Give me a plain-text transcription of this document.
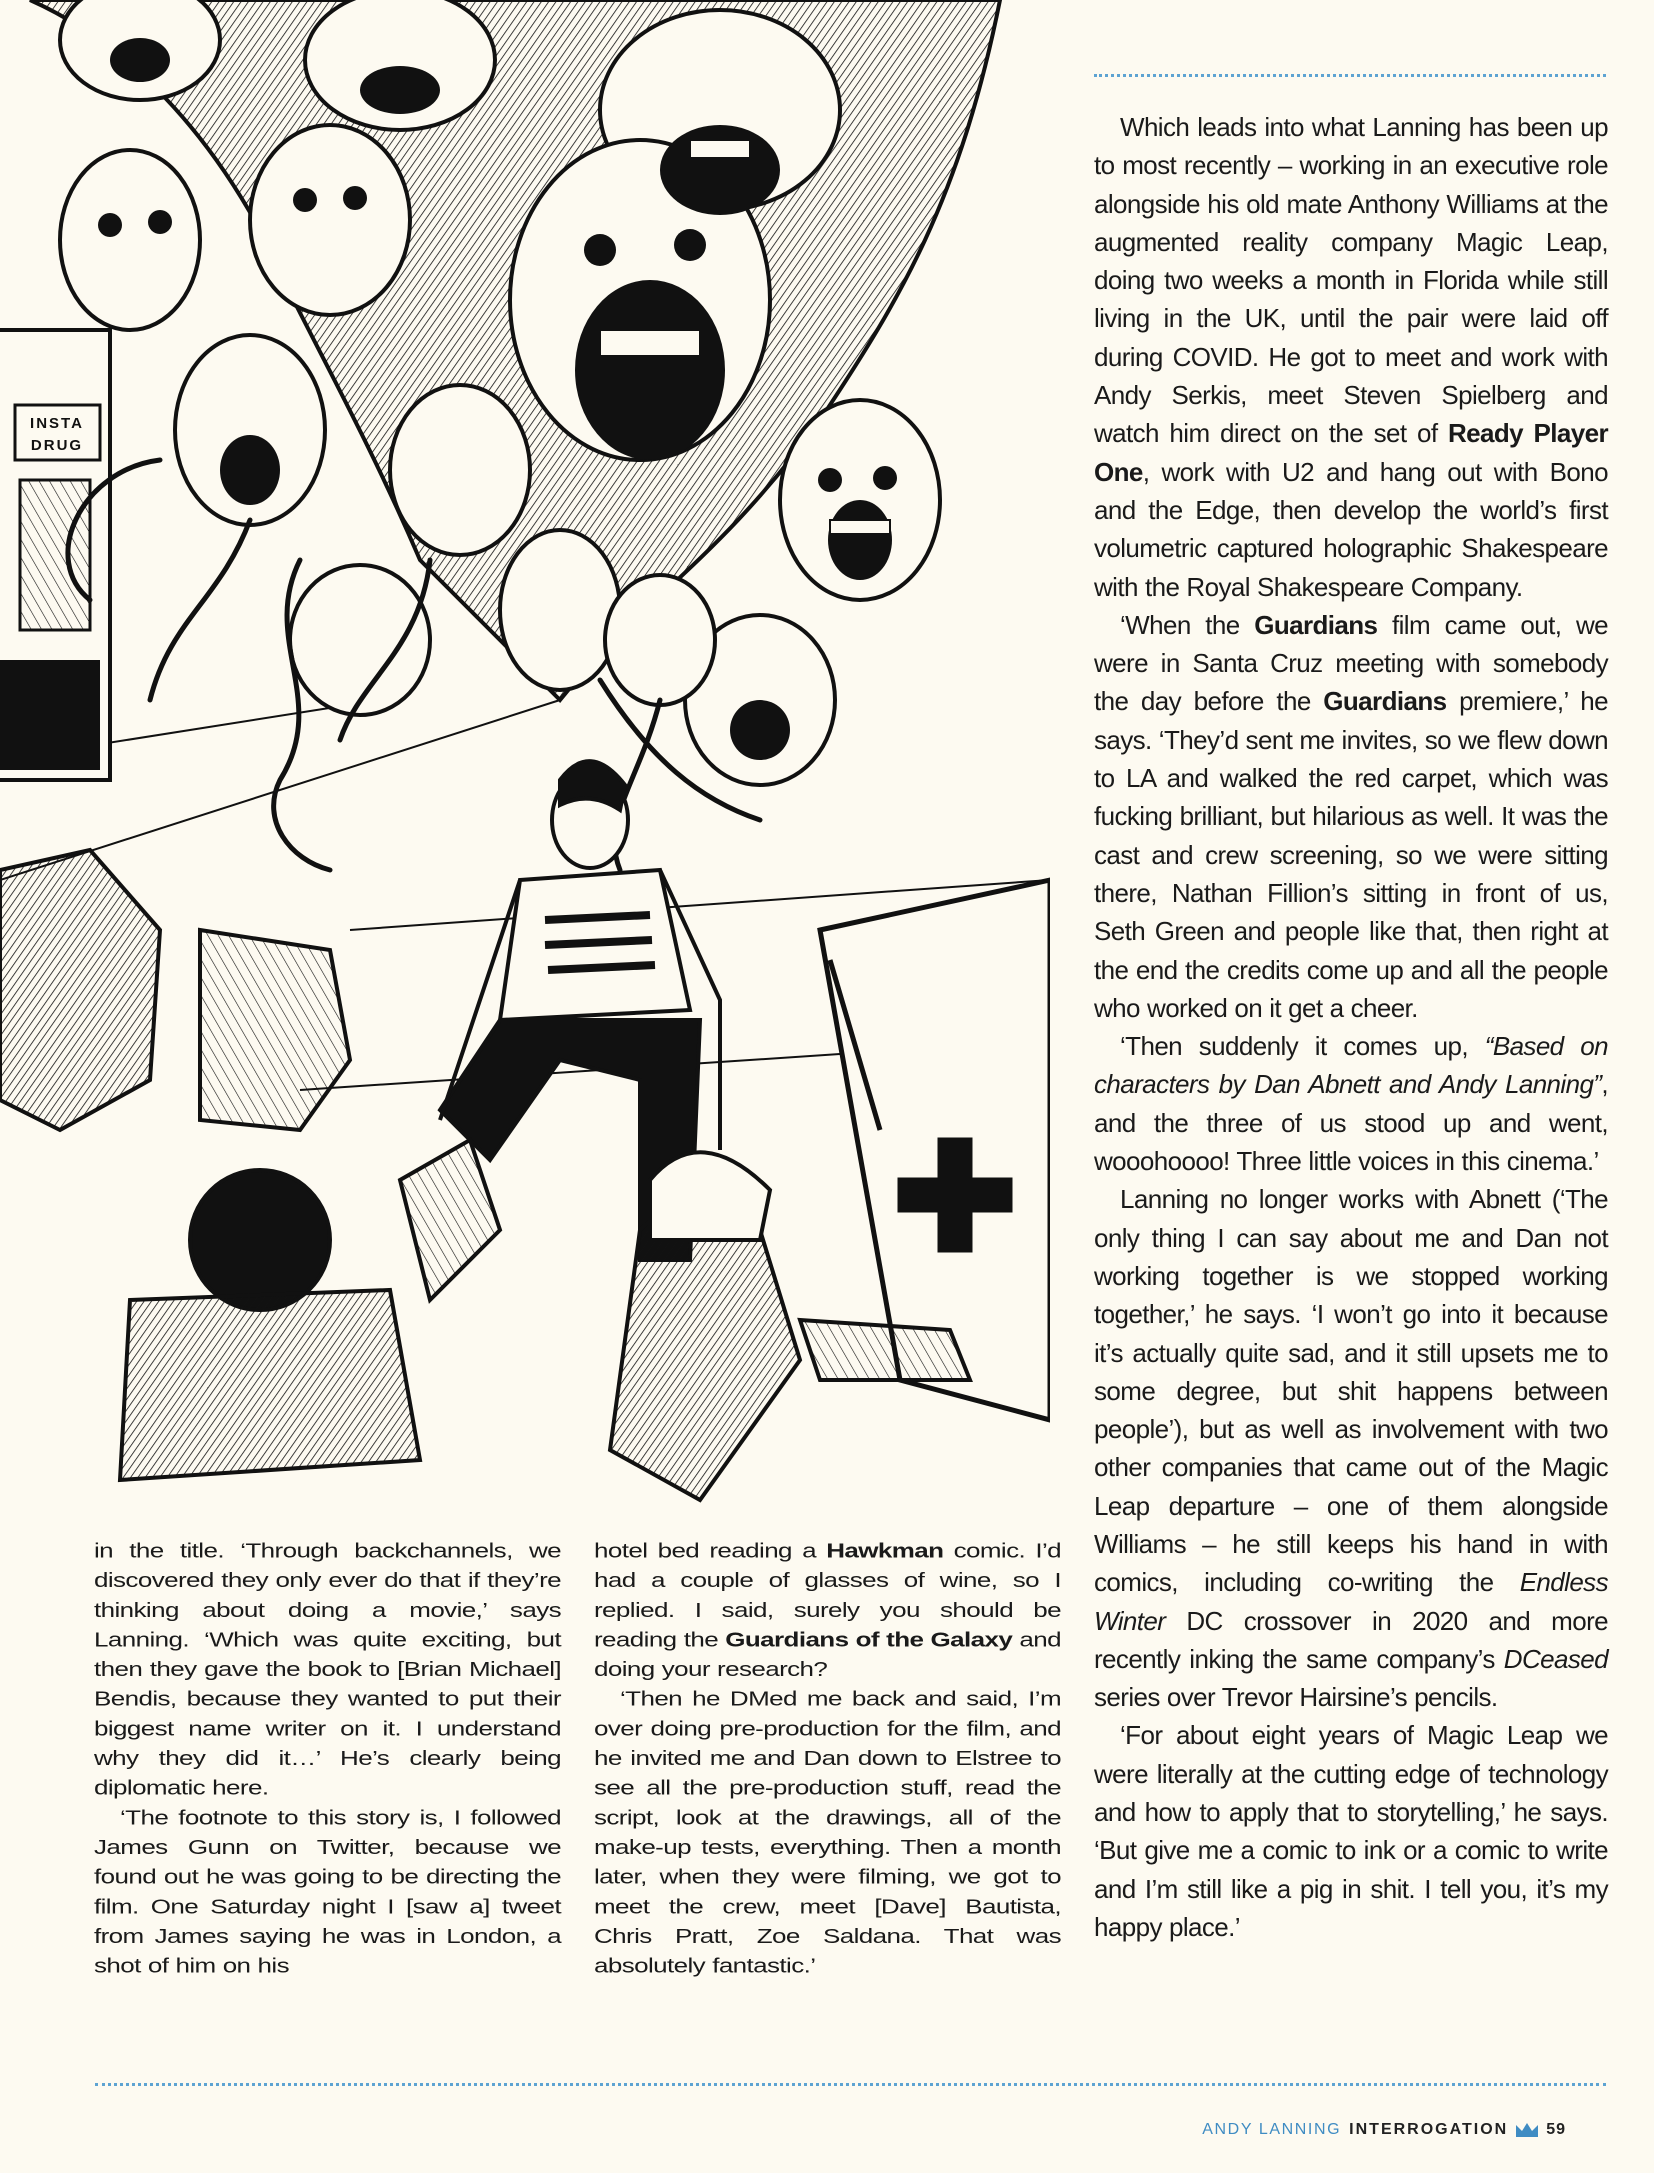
INSTA
DRUG

Which leads into what Lanning has been up to most recently – working in an executive role alongside his old mate Anthony Williams at the augmented reality company Magic Leap, doing two weeks a month in Florida while still living in the UK, until the pair were laid off during COVID. He got to meet and work with Andy Serkis, meet Steven Spielberg and watch him direct on the set of Ready Player One, work with U2 and hang out with Bono and the Edge, then develop the world’s first volumetric captured holographic Shakespeare with the Royal Shakespeare Company.

‘When the Guardians film came out, we were in Santa Cruz meeting with somebody the day before the Guardians premiere,’ he says. ‘They’d sent me invites, so we flew down to LA and walked the red carpet, which was fucking brilliant, but hilarious as well. It was the cast and crew screening, so we were sitting there, Nathan Fillion’s sitting in front of us, Seth Green and people like that, then right at the end the credits come up and all the people who worked on it get a cheer.

‘Then suddenly it comes up, “Based on characters by Dan Abnett and Andy Lanning”, and the three of us stood up and went, wooohoooo! Three little voices in this cinema.’

Lanning no longer works with Abnett (‘The only thing I can say about me and Dan not working together is we stopped working together,’ he says. ‘I won’t go into it because it’s actually quite sad, and it still upsets me to some degree, but shit happens between people’), but as well as involvement with two other companies that came out of the Magic Leap departure – one of them alongside Williams – he still keeps his hand in with comics, including co-writing the Endless Winter DC crossover in 2020 and more recently inking the same company’s DCeased series over Trevor Hairsine’s pencils.

‘For about eight years of Magic Leap we were literally at the cutting edge of technology and how to apply that to storytelling,’ he says. ‘But give me a comic to ink or a comic to write and I’m still like a pig in shit. I tell you, it’s my happy place.’

in the title. ‘Through backchannels, we discovered they only ever do that if they’re thinking about doing a movie,’ says Lanning. ‘Which was quite exciting, but then they gave the book to [Brian Michael] Bendis, because they wanted to put their biggest name writer on it. I understand why they did it…’ He’s clearly being diplomatic here.

‘The footnote to this story is, I followed James Gunn on Twitter, because we found out he was going to be directing the film. One Saturday night I [saw a] tweet from James saying he was in London, a shot of him on his

hotel bed reading a Hawkman comic. I’d had a couple of glasses of wine, so I replied. I said, surely you should be reading the Guardians of the Galaxy and doing your research?

‘Then he DMed me back and said, I’m over doing pre-production for the film, and he invited me and Dan down to Elstree to see all the pre-production stuff, read the script, look at the drawings, all of the make-up tests, everything. Then a month later, when they were filming, we got to meet the crew, meet [Dave] Bautista, Chris Pratt, Zoe Saldana. That was absolutely fantastic.’

ANDY LANNING INTERROGATION 59
